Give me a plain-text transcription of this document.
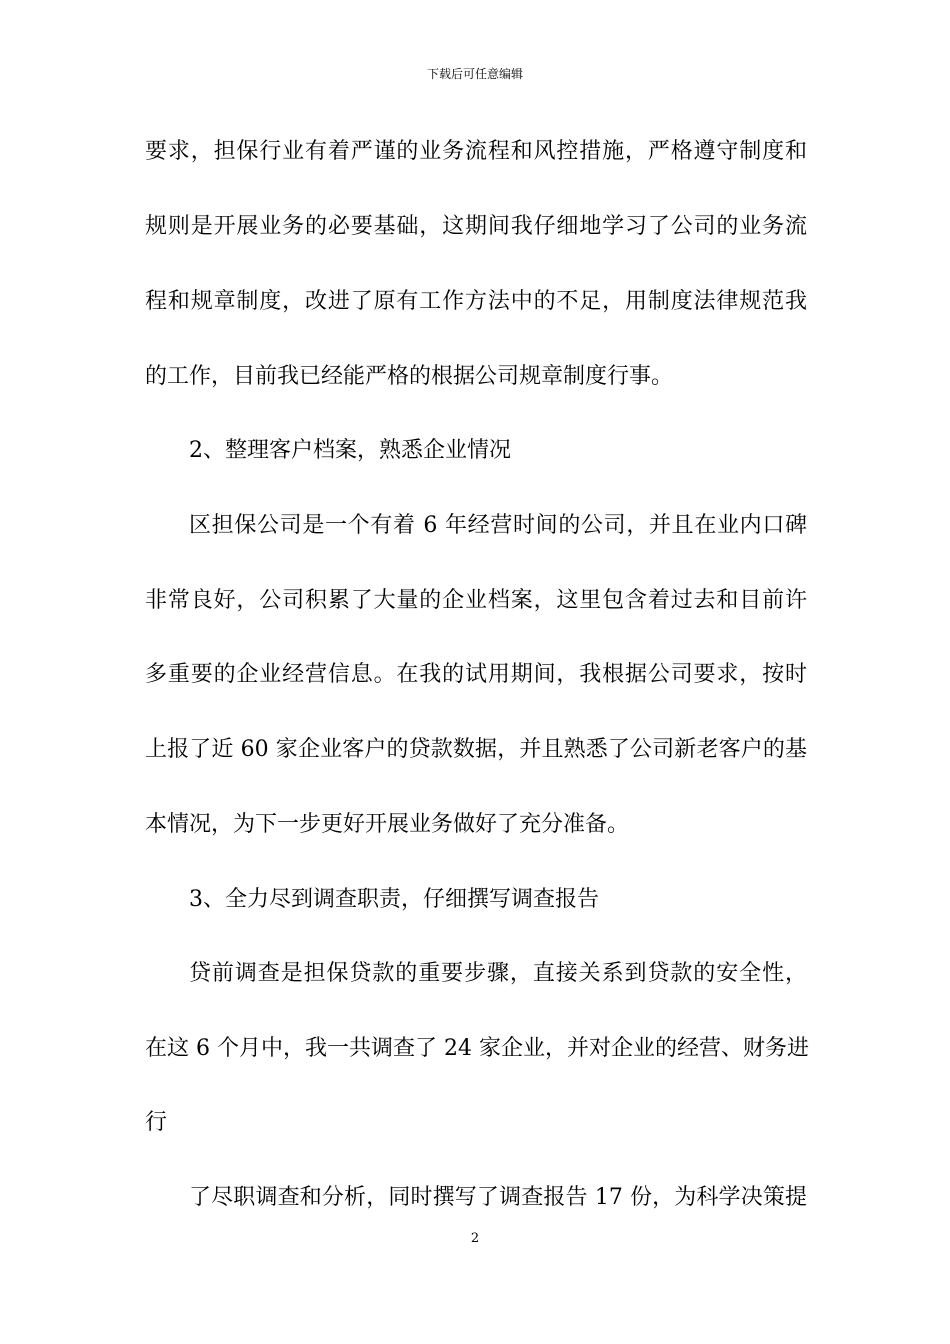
下载后可任意编辑
要求，担保行业有着严谨的业务流程和风控措施，严格遵守制度和
规则是开展业务的必要基础，这期间我仔细地学习了公司的业务流
程和规章制度，改进了原有工作方法中的不足，用制度法律规范我
的工作，目前我已经能严格的根据公司规章制度行事。
2、整理客户档案，熟悉企业情况
区担保公司是一个有着 6 年经营时间的公司，并且在业内口碑
非常良好，公司积累了大量的企业档案，这里包含着过去和目前许
多重要的企业经营信息。在我的试用期间，我根据公司要求，按时
上报了近 60 家企业客户的贷款数据，并且熟悉了公司新老客户的基
本情况，为下一步更好开展业务做好了充分准备。
3、全力尽到调查职责，仔细撰写调查报告
贷前调查是担保贷款的重要步骤，直接关系到贷款的安全性，
在这 6 个月中，我一共调查了 24 家企业，并对企业的经营、财务进
行
了尽职调查和分析，同时撰写了调查报告 17 份，为科学决策提
2
